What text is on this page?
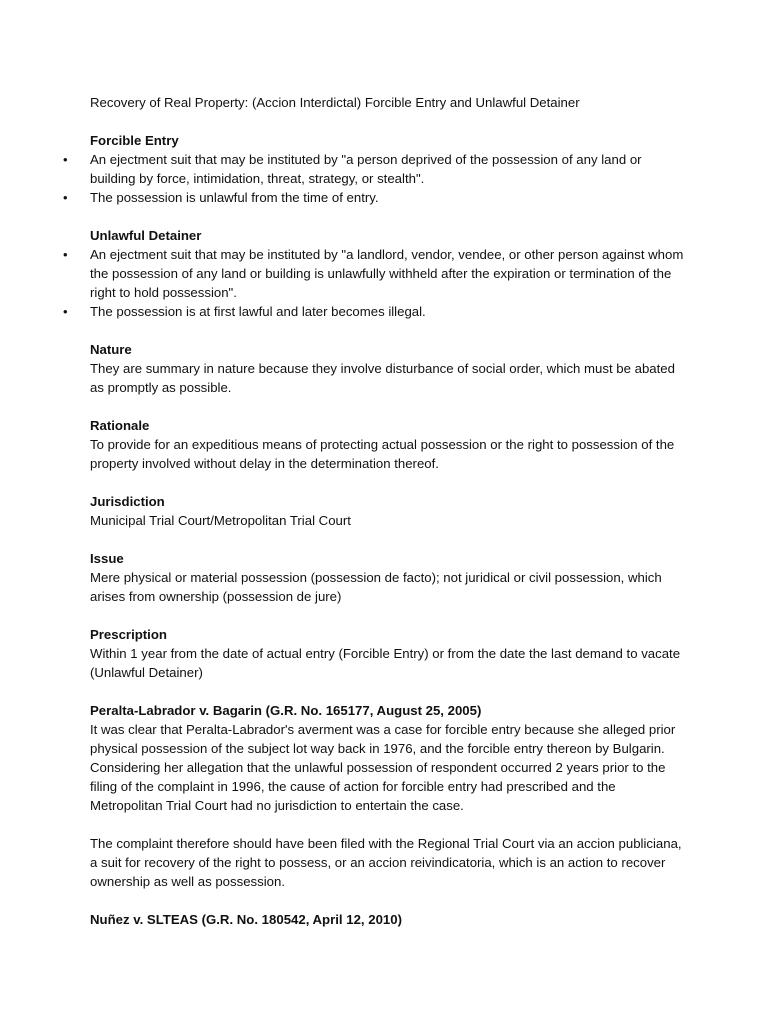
Recovery of Real Property: (Accion Interdictal) Forcible Entry and Unlawful Detainer

Forcible Entry

• An ejectment suit that may be instituted by "a person deprived of the possession of any land or building by force, intimidation, threat, strategy, or stealth".
• The possession is unlawful from the time of entry.

Unlawful Detainer

• An ejectment suit that may be instituted by "a landlord, vendor, vendee, or other person against whom the possession of any land or building is unlawfully withheld after the expiration or termination of the right to hold possession".
• The possession is at first lawful and later becomes illegal.

Nature

They are summary in nature because they involve disturbance of social order, which must be abated as promptly as possible.

Rationale

To provide for an expeditious means of protecting actual possession or the right to possession of the property involved without delay in the determination thereof.

Jurisdiction

Municipal Trial Court/Metropolitan Trial Court

Issue

Mere physical or material possession (possession de facto); not juridical or civil possession, which arises from ownership (possession de jure)

Prescription

Within 1 year from the date of actual entry (Forcible Entry) or from the date the last demand to vacate (Unlawful Detainer)

Peralta-Labrador v. Bagarin (G.R. No. 165177, August 25, 2005)

It was clear that Peralta-Labrador's averment was a case for forcible entry because she alleged prior physical possession of the subject lot way back in 1976, and the forcible entry thereon by Bulgarin. Considering her allegation that the unlawful possession of respondent occurred 2 years prior to the filing of the complaint in 1996, the cause of action for forcible entry had prescribed and the Metropolitan Trial Court had no jurisdiction to entertain the case.

The complaint therefore should have been filed with the Regional Trial Court via an accion publiciana, a suit for recovery of the right to possess, or an accion reivindicatoria, which is an action to recover ownership as well as possession.

Nuñez v. SLTEAS (G.R. No. 180542, April 12, 2010)
